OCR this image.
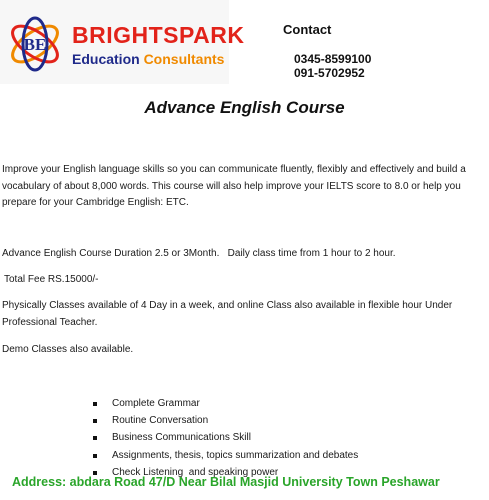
BE BRIGHTSPARK
Education Consultants
Contact
0345-8599100
091-5702952
Advance English Course

Improve your English language skills so you can communicate fluently, flexibly and effectively and build a vocabulary of about 8,000 words. This course will also help improve your IELTS score to 8.0 or help you prepare for your Cambridge English: ETC.

Advance English Course Duration 2.5 or 3Month.   Daily class time from 1 hour to 2 hour.

Total Fee RS.15000/-

Physically Classes available of 4 Day in a week, and online Class also available in flexible hour Under Professional Teacher.

Demo Classes also available.

Complete Grammar
Routine Conversation
Business Communications Skill
Assignments, thesis, topics summarization and debates
Check Listening  and speaking power
Address: abdara Road 47/D Near Bilal Masjid University Town Peshawar
